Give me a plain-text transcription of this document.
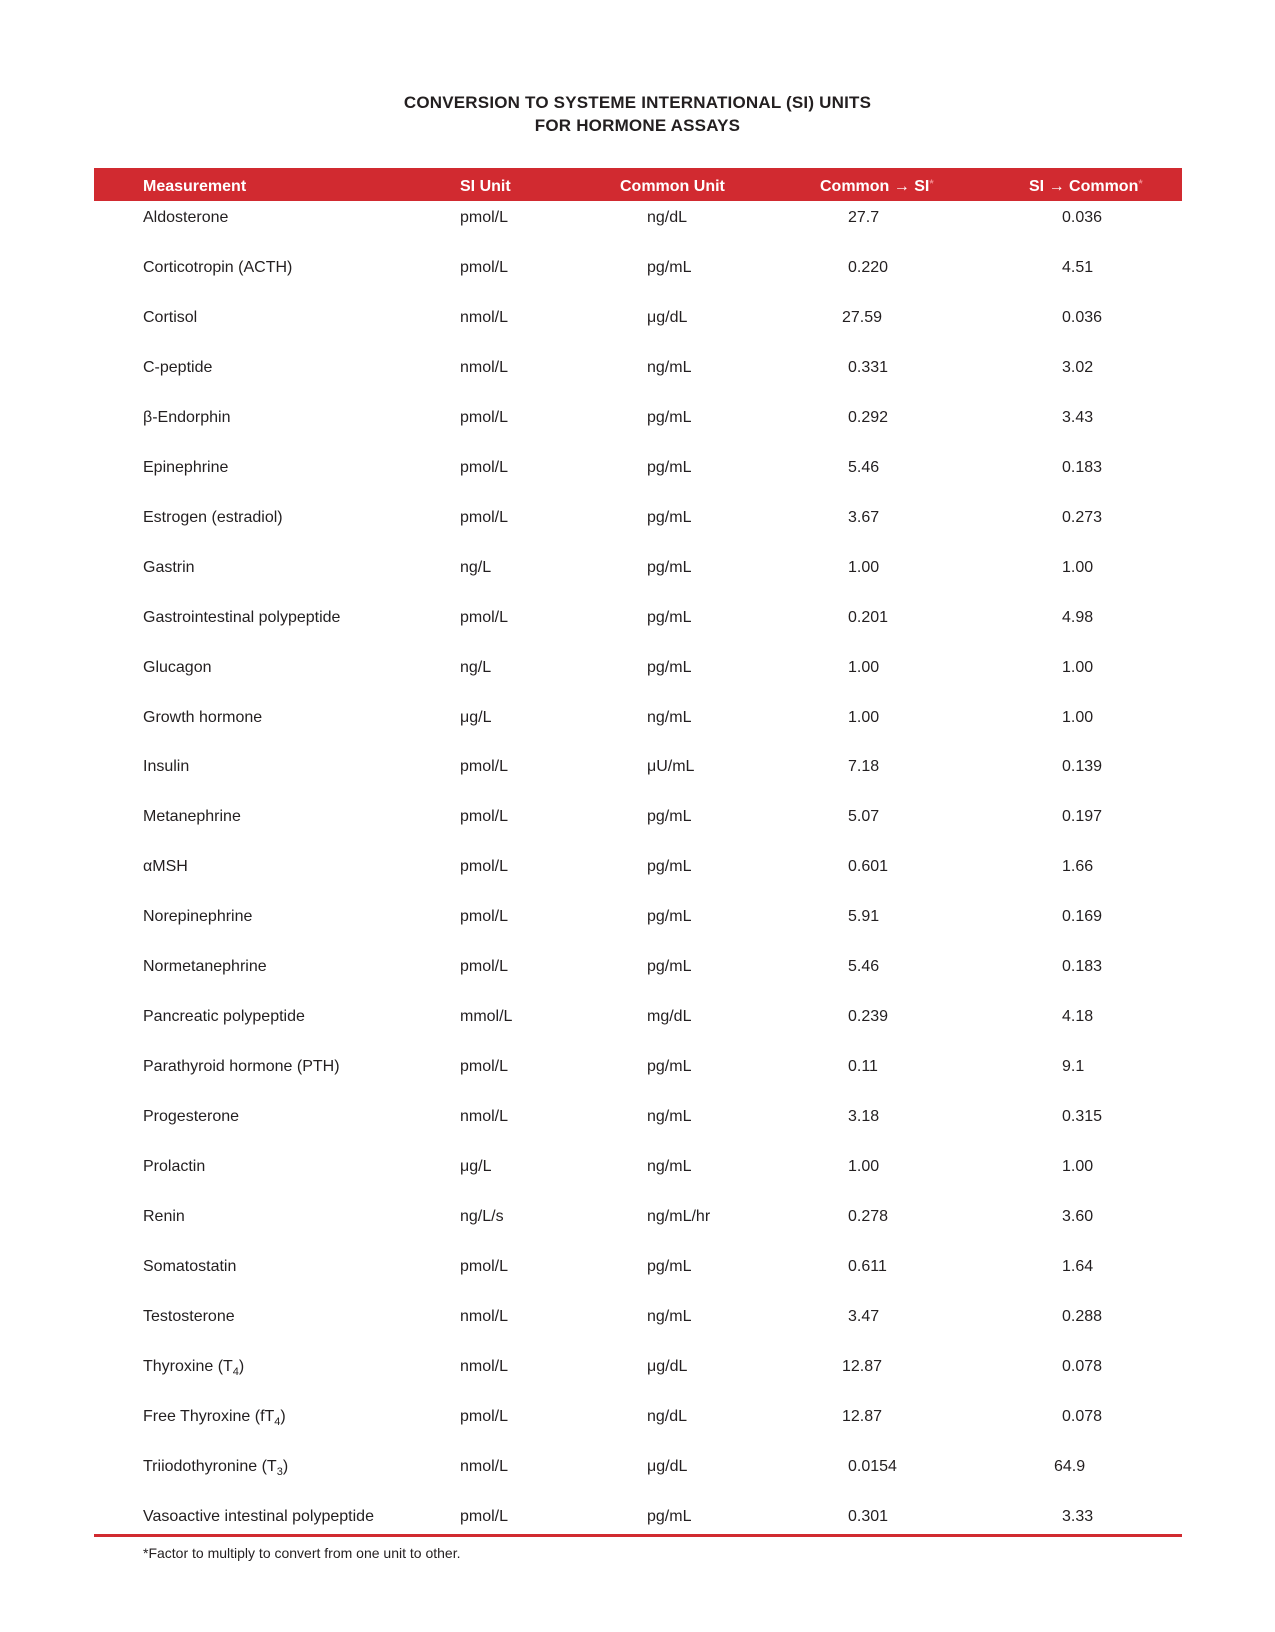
CONVERSION TO SYSTEME INTERNATIONAL (SI) UNITS
FOR HORMONE ASSAYS
Measurement	SI Unit	Common Unit	Common → SI*	SI → Common*
Aldosterone	pmol/L	ng/dL	27.7	0.036
Corticotropin (ACTH)	pmol/L	pg/mL	0.220	4.51
Cortisol	nmol/L	μg/dL	27.59	0.036
C-peptide	nmol/L	ng/mL	0.331	3.02
β-Endorphin	pmol/L	pg/mL	0.292	3.43
Epinephrine	pmol/L	pg/mL	5.46	0.183
Estrogen (estradiol)	pmol/L	pg/mL	3.67	0.273
Gastrin	ng/L	pg/mL	1.00	1.00
Gastrointestinal polypeptide	pmol/L	pg/mL	0.201	4.98
Glucagon	ng/L	pg/mL	1.00	1.00
Growth hormone	μg/L	ng/mL	1.00	1.00
Insulin	pmol/L	μU/mL	7.18	0.139
Metanephrine	pmol/L	pg/mL	5.07	0.197
αMSH	pmol/L	pg/mL	0.601	1.66
Norepinephrine	pmol/L	pg/mL	5.91	0.169
Normetanephrine	pmol/L	pg/mL	5.46	0.183
Pancreatic polypeptide	mmol/L	mg/dL	0.239	4.18
Parathyroid hormone (PTH)	pmol/L	pg/mL	0.11	9.1
Progesterone	nmol/L	ng/mL	3.18	0.315
Prolactin	μg/L	ng/mL	1.00	1.00
Renin	ng/L/s	ng/mL/hr	0.278	3.60
Somatostatin	pmol/L	pg/mL	0.611	1.64
Testosterone	nmol/L	ng/mL	3.47	0.288
Thyroxine $(T_4)$	nmol/L	μg/dL	12.87	0.078
Free Thyroxine $(fT_4)$	pmol/L	ng/dL	12.87	0.078
Triiodothyronine $(T_3)$	nmol/L	μg/dL	0.0154	64.9
Vasoactive intestinal polypeptide	pmol/L	pg/mL	0.301	3.33
*Factor to multiply to convert from one unit to other.
